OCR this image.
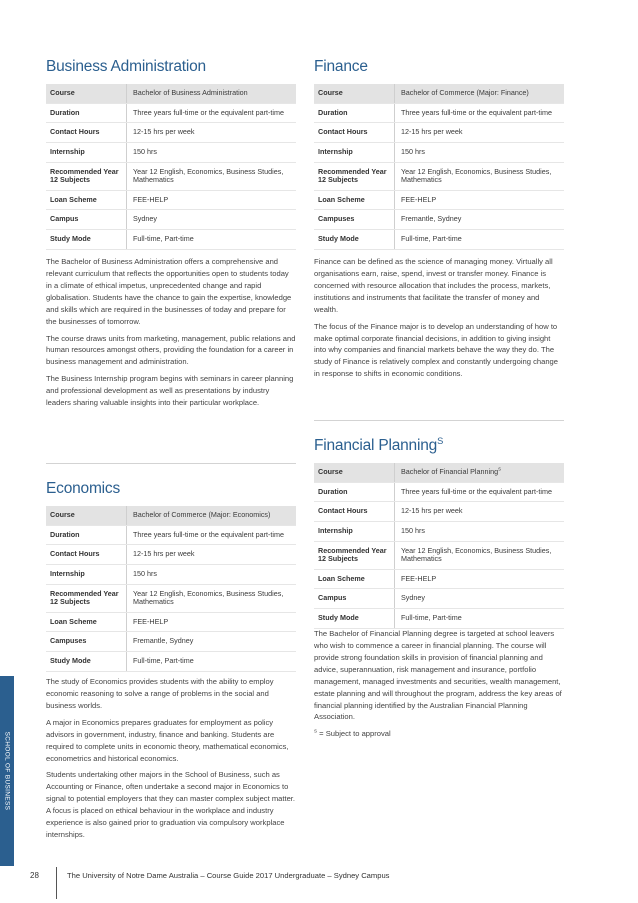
Business Administration
Course	Bachelor of Business Administration
Duration	Three years full-time or the equivalent part-time
Contact Hours	12-15 hrs per week
Internship	150 hrs
Recommended Year 12 Subjects	Year 12 English, Economics, Business Studies, Mathematics
Loan Scheme	FEE-HELP
Campus	Sydney
Study Mode	Full-time, Part-time

The Bachelor of Business Administration offers a comprehensive and relevant curriculum that reflects the opportunities open to students today in a climate of ethical impetus, unprecedented change and rapid globalisation. Students have the chance to gain the expertise, knowledge and skills which are required in the businesses of today and prepare for the businesses of tomorrow.

The course draws units from marketing, management, public relations and human resources amongst others, providing the foundation for a career in business management and administration.

The Business Internship program begins with seminars in career planning and professional development as well as presentations by industry leaders sharing valuable insights into their particular workplace.

Economics
Course	Bachelor of Commerce (Major: Economics)
Duration	Three years full-time or the equivalent part-time
Contact Hours	12-15 hrs per week
Internship	150 hrs
Recommended Year 12 Subjects	Year 12 English, Economics, Business Studies, Mathematics
Loan Scheme	FEE-HELP
Campuses	Fremantle, Sydney
Study Mode	Full-time, Part-time

The study of Economics provides students with the ability to employ economic reasoning to solve a range of problems in the social and business worlds.

A major in Economics prepares graduates for employment as policy advisors in government, industry, finance and banking. Students are required to complete units in economic theory, mathematical economics, econometrics and historical economics.

Students undertaking other majors in the School of Business, such as Accounting or Finance, often undertake a second major in Economics to signal to potential employers that they can master complex subject matter. A focus is placed on ethical behaviour in the workplace and industry experience is also gained prior to graduation via compulsory workplace internships.

Finance
Course	Bachelor of Commerce (Major: Finance)
Duration	Three years full-time or the equivalent part-time
Contact Hours	12-15 hrs per week
Internship	150 hrs
Recommended Year 12 Subjects	Year 12 English, Economics, Business Studies, Mathematics
Loan Scheme	FEE-HELP
Campuses	Fremantle, Sydney
Study Mode	Full-time, Part-time

Finance can be defined as the science of managing money. Virtually all organisations earn, raise, spend, invest or transfer money. Finance is concerned with resource allocation that includes the process, markets, institutions and instruments that facilitate the transfer of money and wealth.

The focus of the Finance major is to develop an understanding of how to make optimal corporate financial decisions, in addition to giving insight into why companies and financial markets behave the way they do. The study of Finance is relatively complex and constantly undergoing change in response to shifts in economic conditions.

Financial Planning$^S$
Course	Bachelor of Financial Planning$^S$
Duration	Three years full-time or the equivalent part-time
Contact Hours	12-15 hrs per week
Internship	150 hrs
Recommended Year 12 Subjects	Year 12 English, Economics, Business Studies, Mathematics
Loan Scheme	FEE-HELP
Campus	Sydney
Study Mode	Full-time, Part-time

The Bachelor of Financial Planning degree is targeted at school leavers who wish to commence a career in financial planning. The course will provide strong foundation skills in provision of financial planning and advice, superannuation, risk management and insurance, portfolio management, managed investments and securities, wealth management, estate planning and will throughout the program, address the key areas of financial planning identified by the Australian Financial Planning Association.

$^S$ = Subject to approval

SCHOOL OF BUSINESS
28	The University of Notre Dame Australia – Course Guide 2017 Undergraduate – Sydney Campus
